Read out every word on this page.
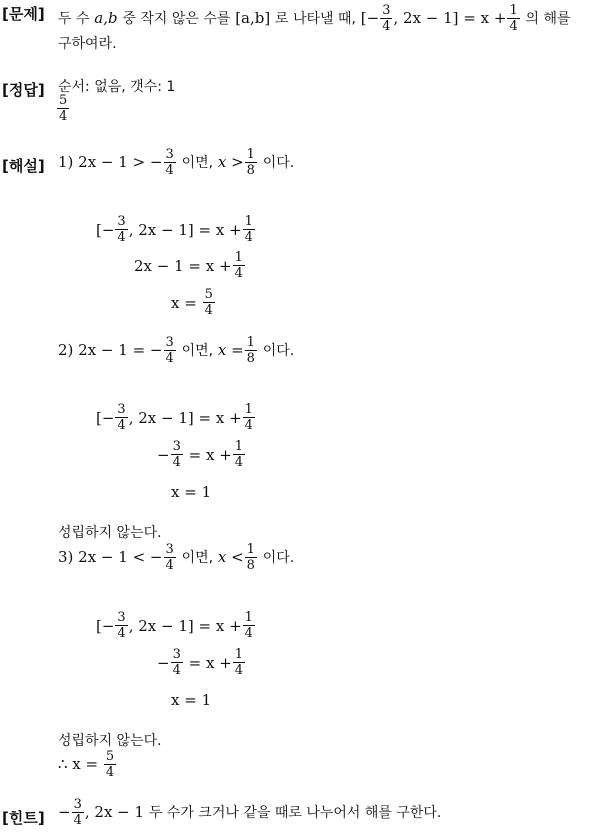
[문제] 두 수
a,b
중 작지 않은 수를
[a,b]
로 나타낼 때,
[− $\frac{3}{4}$ , $2x - 1] = x + \frac{1}{4}$
의 해를
구하여라.
[정답] 순서: 없음, 갯수: 1
$\frac{5}{4}$
[해설] 1) 2x − 1 > − $\frac{3}{4}$
이면,
$x > \frac{1}{8}$
이다.
[− $\frac{3}{4}$ , $2x - 1] = x + \frac{1}{4}$
$2x - 1 = x + \frac{1}{4}$
x =
$\frac{5}{4}$
2) 2x − 1 = − $\frac{3}{4}$
이면,
$x = \frac{1}{8}$
이다.
[− $\frac{3}{4}$ , $2x - 1] = x + \frac{1}{4}$
− $\frac{3}{4}$
= $x + \frac{1}{4}$
x = 1
성립하지 않는다.
3) 2x − 1 < − $\frac{3}{4}$
이면,
$x < \frac{1}{8}$
이다.
[− $\frac{3}{4}$ , $2x - 1] = x + \frac{1}{4}$
− $\frac{3}{4}$
= $x + \frac{1}{4}$
x = 1
성립하지 않는다.
∴ x =
$\frac{5}{4}$
[힌트] − $\frac{3}{4}$ , 2x − 1
두 수가 크거나 같을 때로 나누어서 해를 구한다.
